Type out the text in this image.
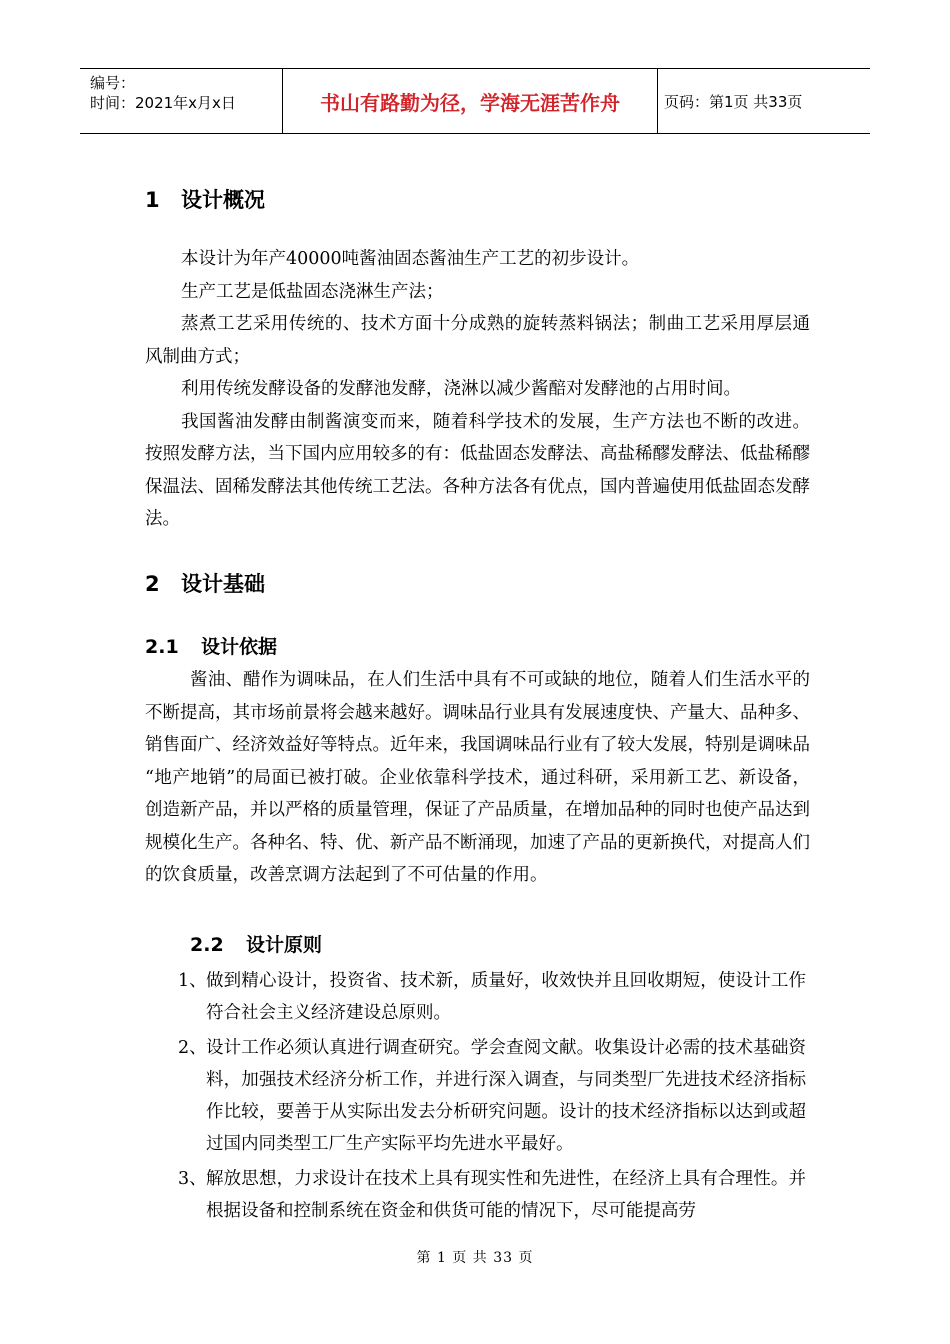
编号：
时间：2021年x月x日	书山有路勤为径，学海无涯苦作舟	页码：第1页 共33页
1 设计概况

本设计为年产40000吨酱油固态酱油生产工艺的初步设计。

生产工艺是低盐固态浇淋生产法；

蒸煮工艺采用传统的、技术方面十分成熟的旋转蒸料锅法；制曲工艺采用厚层通风制曲方式；

利用传统发酵设备的发酵池发酵，浇淋以减少酱醅对发酵池的占用时间。

我国酱油发酵由制酱演变而来，随着科学技术的发展，生产方法也不断的改进。按照发酵方法，当下国内应用较多的有：低盐固态发酵法、高盐稀醪发酵法、低盐稀醪保温法、固稀发酵法其他传统工艺法。各种方法各有优点，国内普遍使用低盐固态发酵法。

2 设计基础
2.1 设计依据

酱油、醋作为调味品，在人们生活中具有不可或缺的地位，随着人们生活水平的不断提高，其市场前景将会越来越好。调味品行业具有发展速度快、产量大、品种多、销售面广、经济效益好等特点。近年来，我国调味品行业有了较大发展，特别是调味品 “地产地销”的局面已被打破。企业依靠科学技术，通过科研，采用新工艺、新设备，创造新产品，并以严格的质量管理，保证了产品质量，在增加品种的同时也使产品达到规模化生产。各种名、特、优、新产品不断涌现，加速了产品的更新换代，对提高人们的饮食质量，改善烹调方法起到了不可估量的作用。

2.2 设计原则
1、 做到精心设计，投资省、技术新，质量好，收效快并且回收期短，使设计工作符合社会主义经济建设总原则。
2、 设计工作必须认真进行调查研究。学会查阅文献。收集设计必需的技术基础资料，加强技术经济分析工作，并进行深入调查，与同类型厂先进技术经济指标作比较，要善于从实际出发去分析研究问题。设计的技术经济指标以达到或超过国内同类型工厂生产实际平均先进水平最好。
3、 解放思想，力求设计在技术上具有现实性和先进性，在经济上具有合理性。并根据设备和控制系统在资金和供货可能的情况下，尽可能提高劳
第 1 页 共 33 页
